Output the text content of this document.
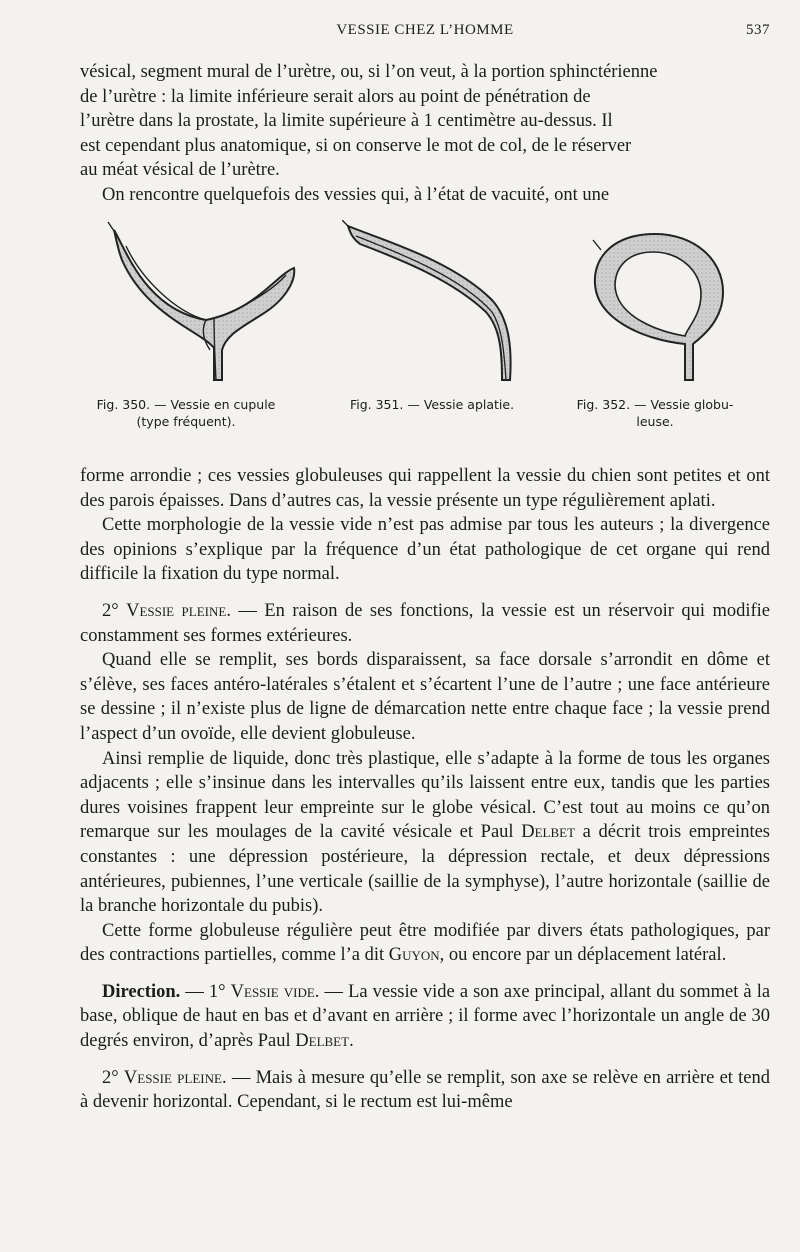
VESSIE CHEZ L’HOMME	537

vésical, segment mural de l’urètre, ou, si l’on veut, à la portion sphinctérienne

de l’urètre : la limite inférieure serait alors au point de pénétration de

l’urètre dans la prostate, la limite supérieure à 1 centimètre au-dessus. Il

est cependant plus anatomique, si on conserve le mot de col, de le réserver

au méat vésical de l’urètre.

On rencontre quelquefois des vessies qui, à l’état de vacuité, ont une

Fig. 350. — Vessie en cupule
(type fréquent).
Fig. 351. — Vessie aplatie.	Fig. 352. — Vessie globu-
leuse.

forme arrondie ; ces vessies globuleuses qui rappellent la vessie du chien sont petites et ont des parois épaisses. Dans d’autres cas, la vessie présente un type régulièrement aplati.

Cette morphologie de la vessie vide n’est pas admise par tous les auteurs ; la divergence des opinions s’explique par la fréquence d’un état pathologique de cet organe qui rend difficile la fixation du type normal.

2° Vessie pleine. — En raison de ses fonctions, la vessie est un réservoir qui modifie constamment ses formes extérieures.

Quand elle se remplit, ses bords disparaissent, sa face dorsale s’arrondit en dôme et s’élève, ses faces antéro-latérales s’étalent et s’écartent l’une de l’autre ; une face antérieure se dessine ; il n’existe plus de ligne de démarcation nette entre chaque face ; la vessie prend l’aspect d’un ovoïde, elle devient globuleuse.

Ainsi remplie de liquide, donc très plastique, elle s’adapte à la forme de tous les organes adjacents ; elle s’insinue dans les intervalles qu’ils laissent entre eux, tandis que les parties dures voisines frappent leur empreinte sur le globe vésical. C’est tout au moins ce qu’on remarque sur les moulages de la cavité vésicale et Paul Delbet a décrit trois empreintes constantes : une dépression postérieure, la dépression rectale, et deux dépressions antérieures, pubiennes, l’une verticale (saillie de la symphyse), l’autre horizontale (saillie de la branche horizontale du pubis).

Cette forme globuleuse régulière peut être modifiée par divers états pathologiques, par des contractions partielles, comme l’a dit Guyon, ou encore par un déplacement latéral.

Direction. — 1° Vessie vide. — La vessie vide a son axe principal, allant du sommet à la base, oblique de haut en bas et d’avant en arrière ; il forme avec l’horizontale un angle de 30 degrés environ, d’après Paul Delbet.

2° Vessie pleine. — Mais à mesure qu’elle se remplit, son axe se relève en arrière et tend à devenir horizontal. Cependant, si le rectum est lui-même
